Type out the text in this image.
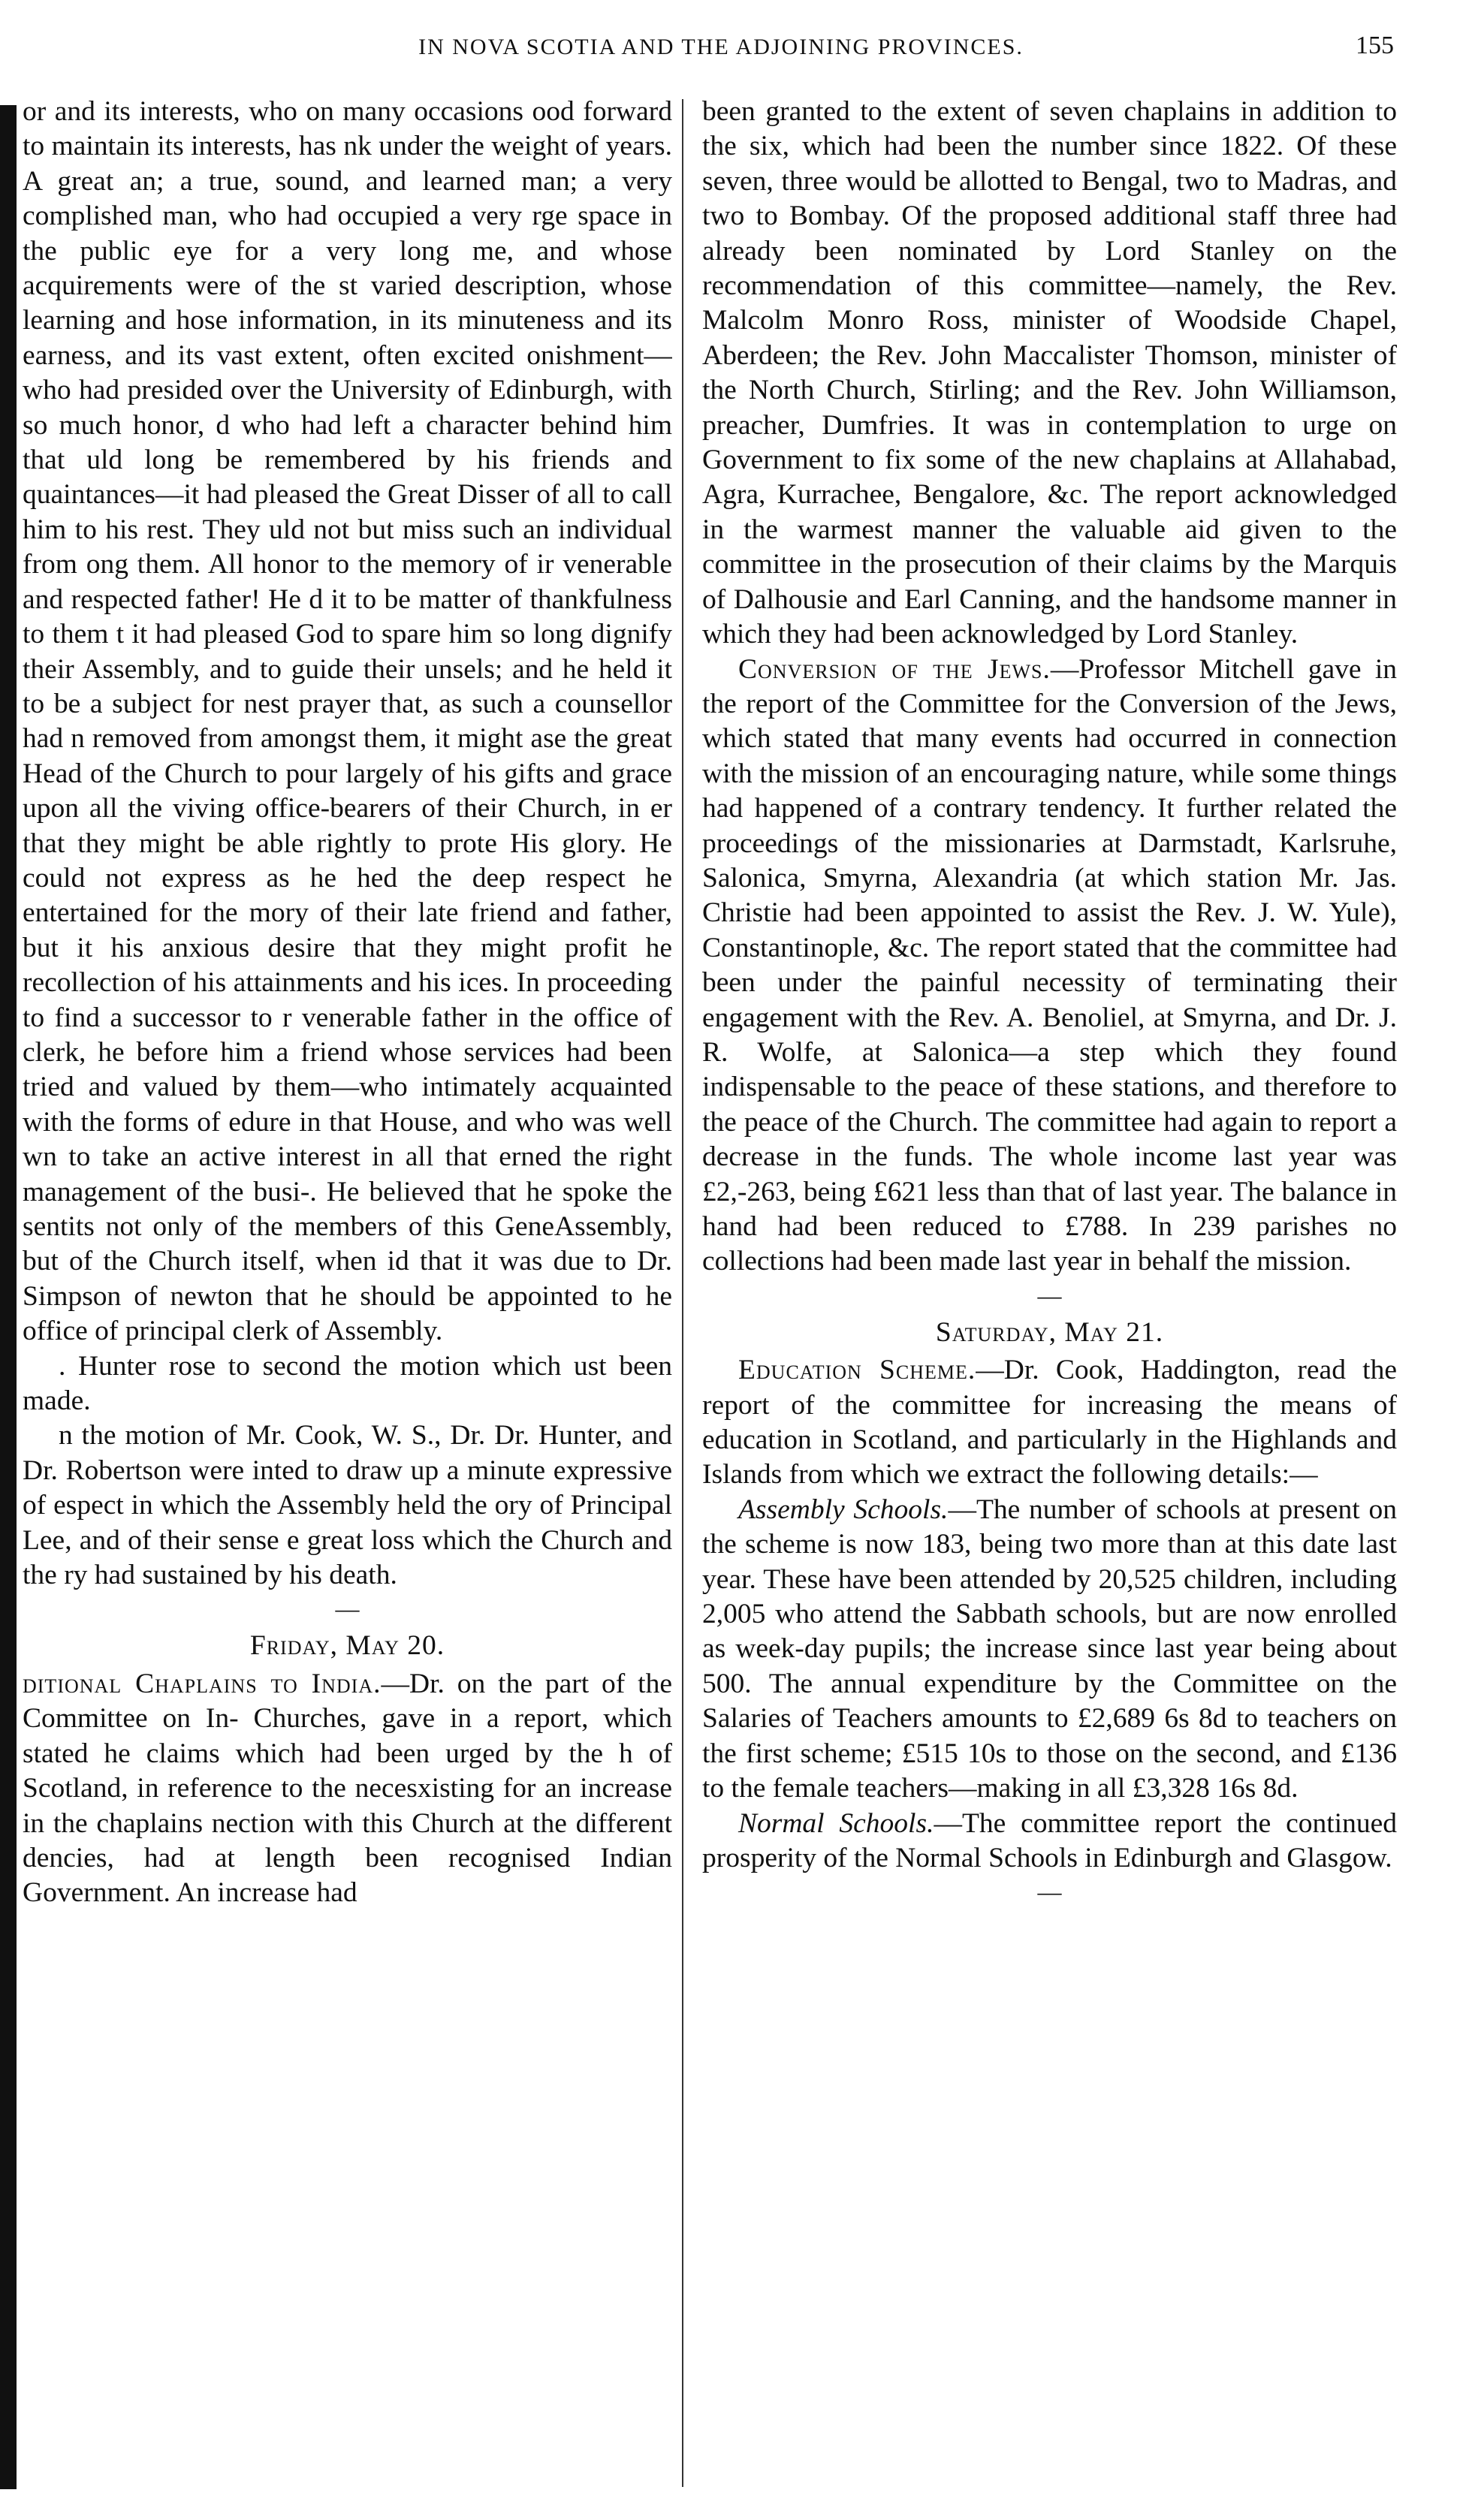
IN NOVA SCOTIA AND THE ADJOINING PROVINCES.	155

or and its interests, who on many occasions ood forward to maintain its interests, has nk under the weight of years. A great an; a true, sound, and learned man; a very complished man, who had occupied a very rge space in the public eye for a very long me, and whose acquirements were of the st varied description, whose learning and hose information, in its minuteness and its earness, and its vast extent, often excited onishment—who had presided over the University of Edinburgh, with so much honor, d who had left a character behind him that uld long be remembered by his friends and quaintances—it had pleased the Great Disser of all to call him to his rest. They uld not but miss such an individual from ong them. All honor to the memory of ir venerable and respected father! He d it to be matter of thankfulness to them t it had pleased God to spare him so long dignify their Assembly, and to guide their unsels; and he held it to be a subject for nest prayer that, as such a counsellor had n removed from amongst them, it might ase the great Head of the Church to pour largely of his gifts and grace upon all the viving office-bearers of their Church, in er that they might be able rightly to prote His glory. He could not express as he hed the deep respect he entertained for the mory of their late friend and father, but it his anxious desire that they might profit he recollection of his attainments and his ices. In proceeding to find a successor to r venerable father in the office of clerk, he before him a friend whose services had been tried and valued by them—who intimately acquainted with the forms of edure in that House, and who was well wn to take an active interest in all that erned the right management of the busi-. He believed that he spoke the sentits not only of the members of this GeneAssembly, but of the Church itself, when id that it was due to Dr. Simpson of newton that he should be appointed to he office of principal clerk of Assembly.

. Hunter rose to second the motion which ust been made.

n the motion of Mr. Cook, W. S., Dr. Dr. Hunter, and Dr. Robertson were inted to draw up a minute expressive of espect in which the Assembly held the ory of Principal Lee, and of their sense e great loss which the Church and the ry had sustained by his death.

—
Friday, May 20.

ditional Chaplains to India.—Dr. on the part of the Committee on In- Churches, gave in a report, which stated he claims which had been urged by the h of Scotland, in reference to the necesxisting for an increase in the chaplains nection with this Church at the different dencies, had at length been recognised Indian Government. An increase had

been granted to the extent of seven chaplains in addition to the six, which had been the number since 1822. Of these seven, three would be allotted to Bengal, two to Madras, and two to Bombay. Of the proposed additional staff three had already been nominated by Lord Stanley on the recommendation of this committee—namely, the Rev. Malcolm Monro Ross, minister of Woodside Chapel, Aberdeen; the Rev. John Maccalister Thomson, minister of the North Church, Stirling; and the Rev. John Williamson, preacher, Dumfries. It was in contemplation to urge on Government to fix some of the new chaplains at Allahabad, Agra, Kurrachee, Bengalore, &c. The report acknowledged in the warmest manner the valuable aid given to the committee in the prosecution of their claims by the Marquis of Dalhousie and Earl Canning, and the handsome manner in which they had been acknowledged by Lord Stanley.

Conversion of the Jews.—Professor Mitchell gave in the report of the Committee for the Conversion of the Jews, which stated that many events had occurred in connection with the mission of an encouraging nature, while some things had happened of a contrary tendency. It further related the proceedings of the missionaries at Darmstadt, Karlsruhe, Salonica, Smyrna, Alexandria (at which station Mr. Jas. Christie had been appointed to assist the Rev. J. W. Yule), Constantinople, &c. The report stated that the committee had been under the painful necessity of terminating their engagement with the Rev. A. Benoliel, at Smyrna, and Dr. J. R. Wolfe, at Salonica—a step which they found indispensable to the peace of these stations, and therefore to the peace of the Church. The committee had again to report a decrease in the funds. The whole income last year was £2,-263, being £621 less than that of last year. The balance in hand had been reduced to £788. In 239 parishes no collections had been made last year in behalf the mission.

—
Saturday, May 21.

Education Scheme.—Dr. Cook, Haddington, read the report of the committee for increasing the means of education in Scotland, and particularly in the Highlands and Islands from which we extract the following details:—

Assembly Schools.—The number of schools at present on the scheme is now 183, being two more than at this date last year. These have been attended by 20,525 children, including 2,005 who attend the Sabbath schools, but are now enrolled as week-day pupils; the increase since last year being about 500. The annual expenditure by the Committee on the Salaries of Teachers amounts to £2,689 6s 8d to teachers on the first scheme; £515 10s to those on the second, and £136 to the female teachers—making in all £3,328 16s 8d.

Normal Schools.—The committee report the continued prosperity of the Normal Schools in Edinburgh and Glasgow.

—
